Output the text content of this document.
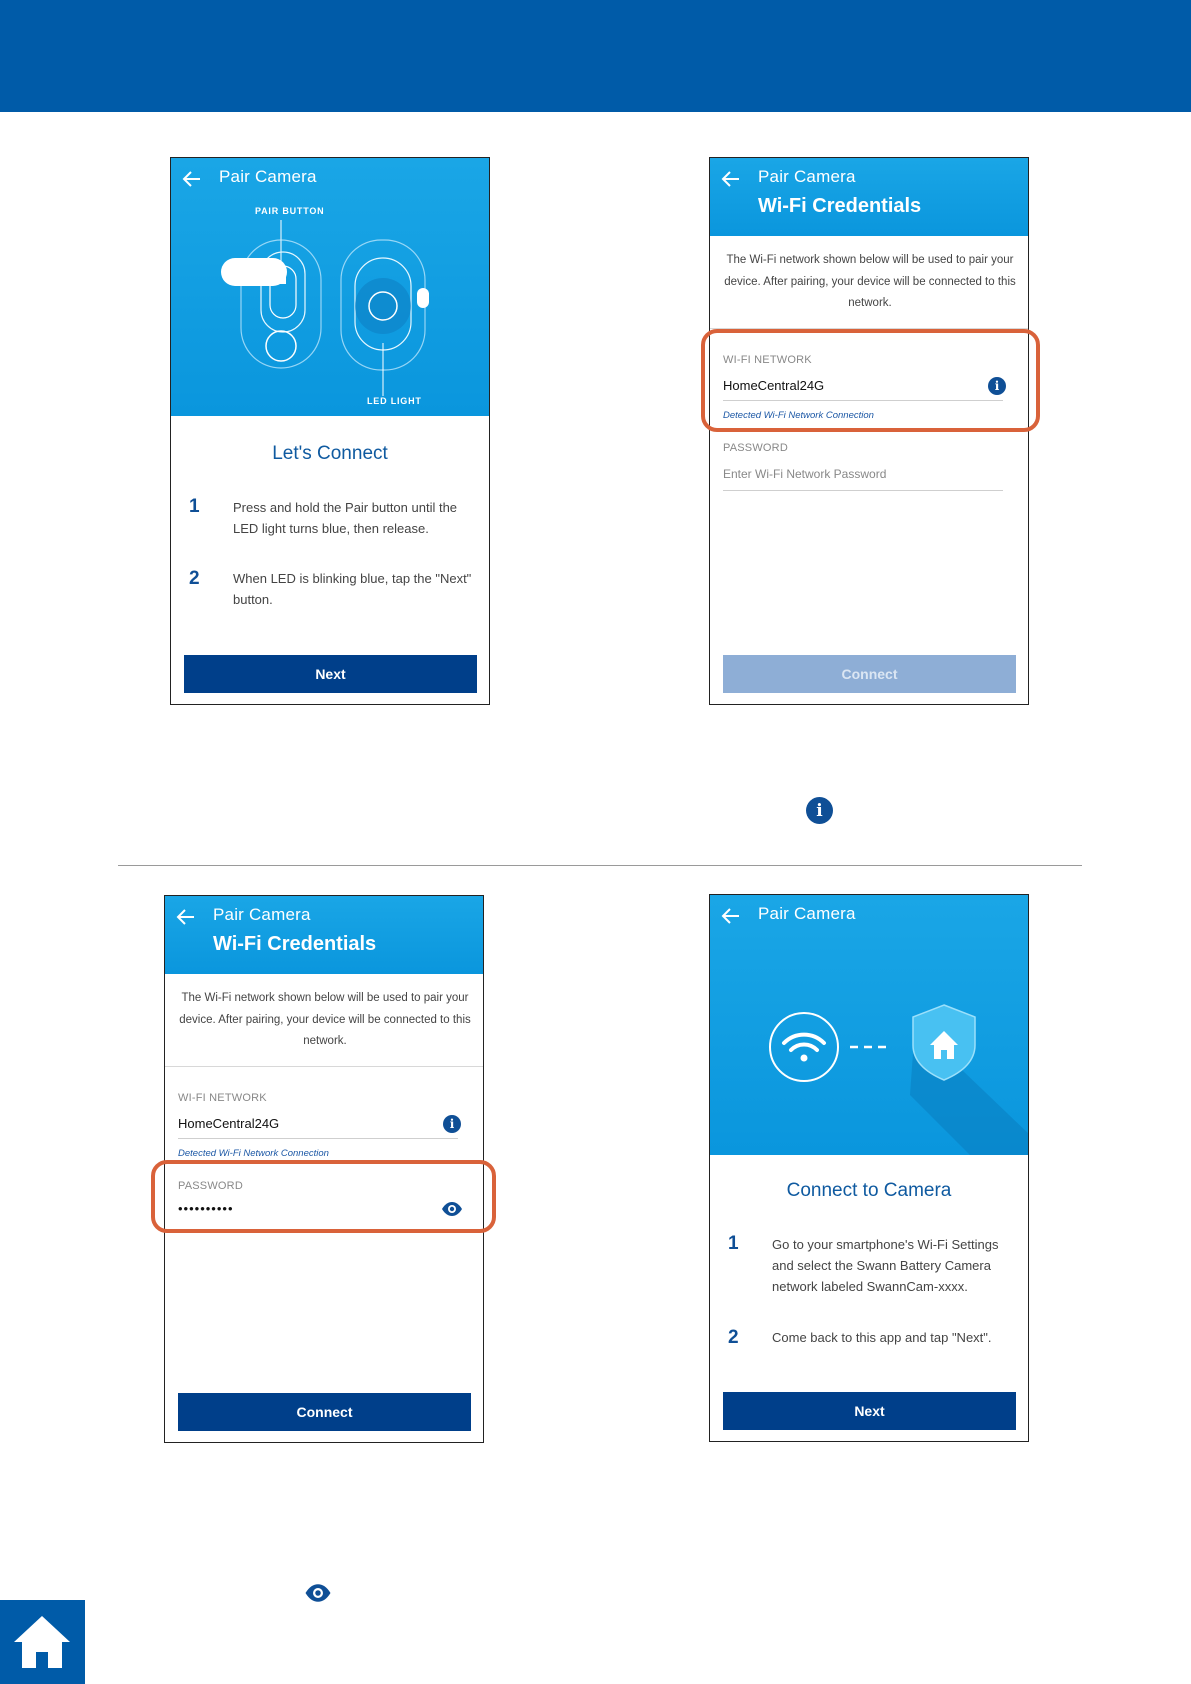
Pair Camera
PAIR BUTTON
LED LIGHT
Let's Connect
1	Press and hold the Pair button until the LED light turns blue, then release.
2	When LED is blinking blue, tap the "Next" button.
Next
Pair Camera
Wi-Fi Credentials
The Wi-Fi network shown below will be used to pair your device. After pairing, your device will be connected to this network.
WI-FI NETWORK
HomeCentral24G	i
Detected Wi-Fi Network Connection
PASSWORD
Enter Wi-Fi Network Password
Connect
i
Pair Camera
Wi-Fi Credentials
The Wi-Fi network shown below will be used to pair your device. After pairing, your device will be connected to this network.
WI-FI NETWORK
HomeCentral24G	i
Detected Wi-Fi Network Connection
PASSWORD
••••••••••
Connect
Pair Camera
Connect to Camera
1	Go to your smartphone's Wi-Fi Settings and select the Swann Battery Camera network labeled SwannCam-xxxx.
2	Come back to this app and tap "Next".
Next
